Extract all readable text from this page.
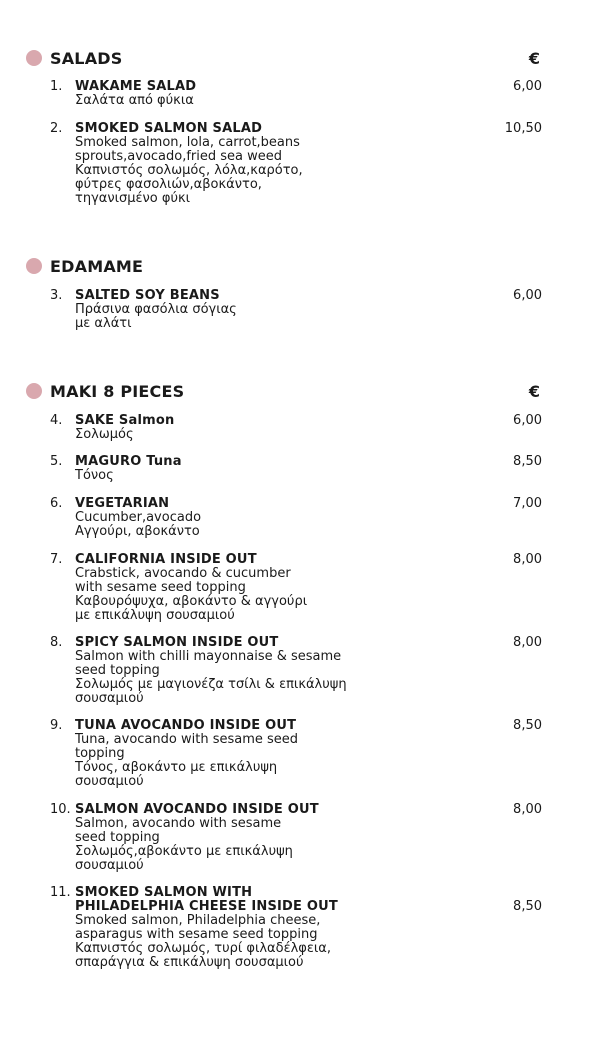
SALADS	€
1. WAKAME SALAD
Σαλάτα από φύκια
6,00
2. SMOKED SALMON SALAD
Smoked salmon, lola, carrot,beans
sprouts,avocado,fried sea weed
Καπνιστός σολωμός, λόλα,καρότο,
φύτρες φασολιών,αβοκάντο,
τηγανισμένο φύκι
10,50
EDAMAME
3. SALTED SOY BEANS
Πράσινα φασόλια σόγιας
με αλάτι
6,00
MAKI 8 PIECES	€
4. SAKE Salmon
Σολωμός
6,00
5. MAGURO Tuna
Τόνος
8,50
6. VEGETARIAN
Cucumber,avocado
Αγγούρι, αβοκάντο
7,00
7. CALIFORNIA INSIDE OUT
Crabstick, avocando & cucumber
with sesame seed topping
Καβουρόψυχα, αβοκάντο & αγγούρι
με επικάλυψη σουσαμιού
8,00
8. SPICY SALMON INSIDE OUT
Salmon with chilli mayonnaise & sesame
seed topping
Σολωμός με μαγιονέζα τσίλι & επικάλυψη
σουσαμιού
8,00
9. TUNA AVOCANDO INSIDE OUT
Tuna, avocando with sesame seed
topping
Τόνος, αβοκάντο με επικάλυψη
σουσαμιού
8,50
10. SALMON AVOCANDO INSIDE OUT
Salmon, avocando with sesame
seed topping
Σολωμός,αβοκάντο με επικάλυψη
σουσαμιού
8,00
11. SMOKED SALMON WITH
PHILADELPHIA CHEESE INSIDE OUT
Smoked salmon, Philadelphia cheese,
asparagus with sesame seed topping
Καπνιστός σολωμός, τυρί φιλαδέλφεια,
σπαράγγια & επικάλυψη σουσαμιού
8,50
